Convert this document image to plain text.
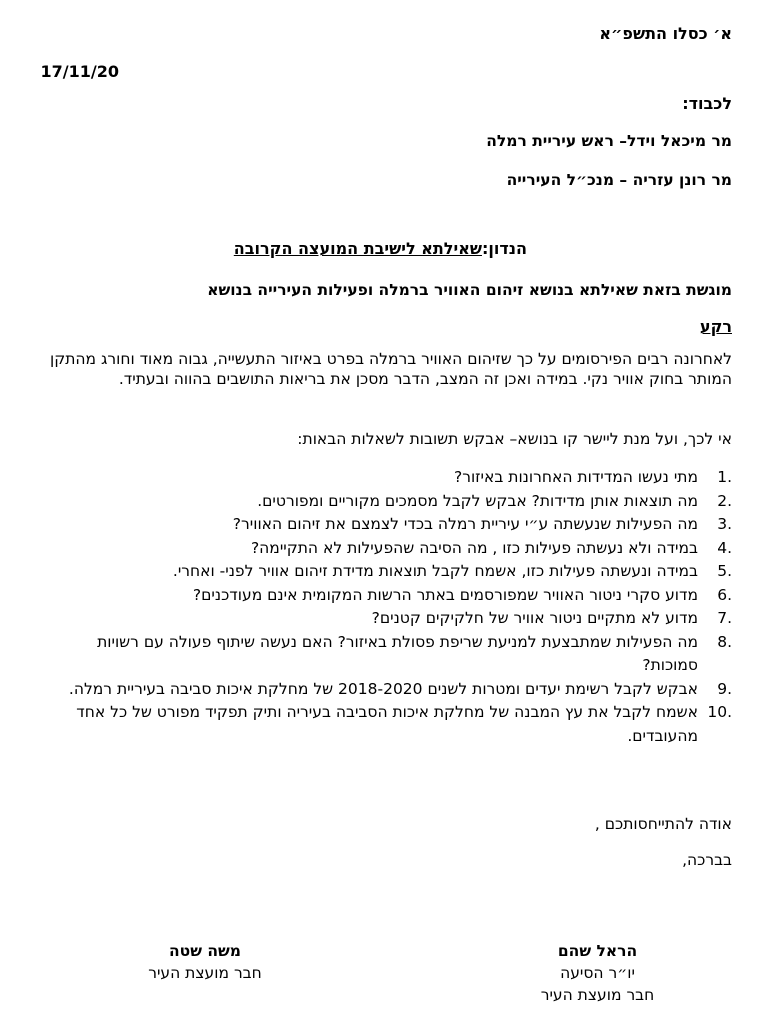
א׳ כסלו התשפ״א
17/11/20
לכבוד:
מר מיכאל וידל– ראש עיריית רמלה
מר רונן עזריה – מנכ״ל העירייה
הנדון:שאילתא לישיבת המועצה הקרובה
מוגשת בזאת שאילתא בנושא זיהום האוויר ברמלה ופעילות העירייה בנושא
רקע

לאחרונה רבים הפירסומים על כך שזיהום האוויר ברמלה בפרט באיזור התעשייה, גבוה מאוד וחורג מהתקן המותר בחוק אוויר נקי. במידה ואכן זה המצב, הדבר מסכן את בריאות התושבים בהווה ובעתיד.

אי לכך, ועל מנת ליישר קו בנושא– אבקש תשובות לשאלות הבאות:

1.
מתי נעשו המדידות האחרונות באיזור?
2.
מה תוצאות אותן מדידות? אבקש לקבל מסמכים מקוריים ומפורטים.
3.
מה הפעילות שנעשתה ע״י עיריית רמלה בכדי לצמצם את זיהום האוויר?
4.
במידה ולא נעשתה פעילות כזו , מה הסיבה שהפעילות לא התקיימה?
5.
במידה ונעשתה פעילות כזו, אשמח לקבל תוצאות מדידת זיהום אוויר לפני- ואחרי.
6.
מדוע סקרי ניטור האוויר שמפורסמים באתר הרשות המקומית אינם מעודכנים?
7.
מדוע לא מתקיים ניטור אוויר של חלקיקים קטנים?
8.
מה הפעילות שמתבצעת למניעת שריפת פסולת באיזור? האם נעשה שיתוף פעולה עם רשויות סמוכות?
9.
אבקש לקבל רשימת יעדים ומטרות לשנים 2018-2020 של מחלקת איכות סביבה בעיריית רמלה.
10.
אשמח לקבל את עץ המבנה של מחלקת איכות הסביבה בעיריה ותיק תפקיד מפורט של כל אחד מהעובדים.
אודה להתייחסותכם ,
בברכה,
משה שטה
חבר מועצת העיר
הראל שהם
יו״ר הסיעה
חבר מועצת העיר
